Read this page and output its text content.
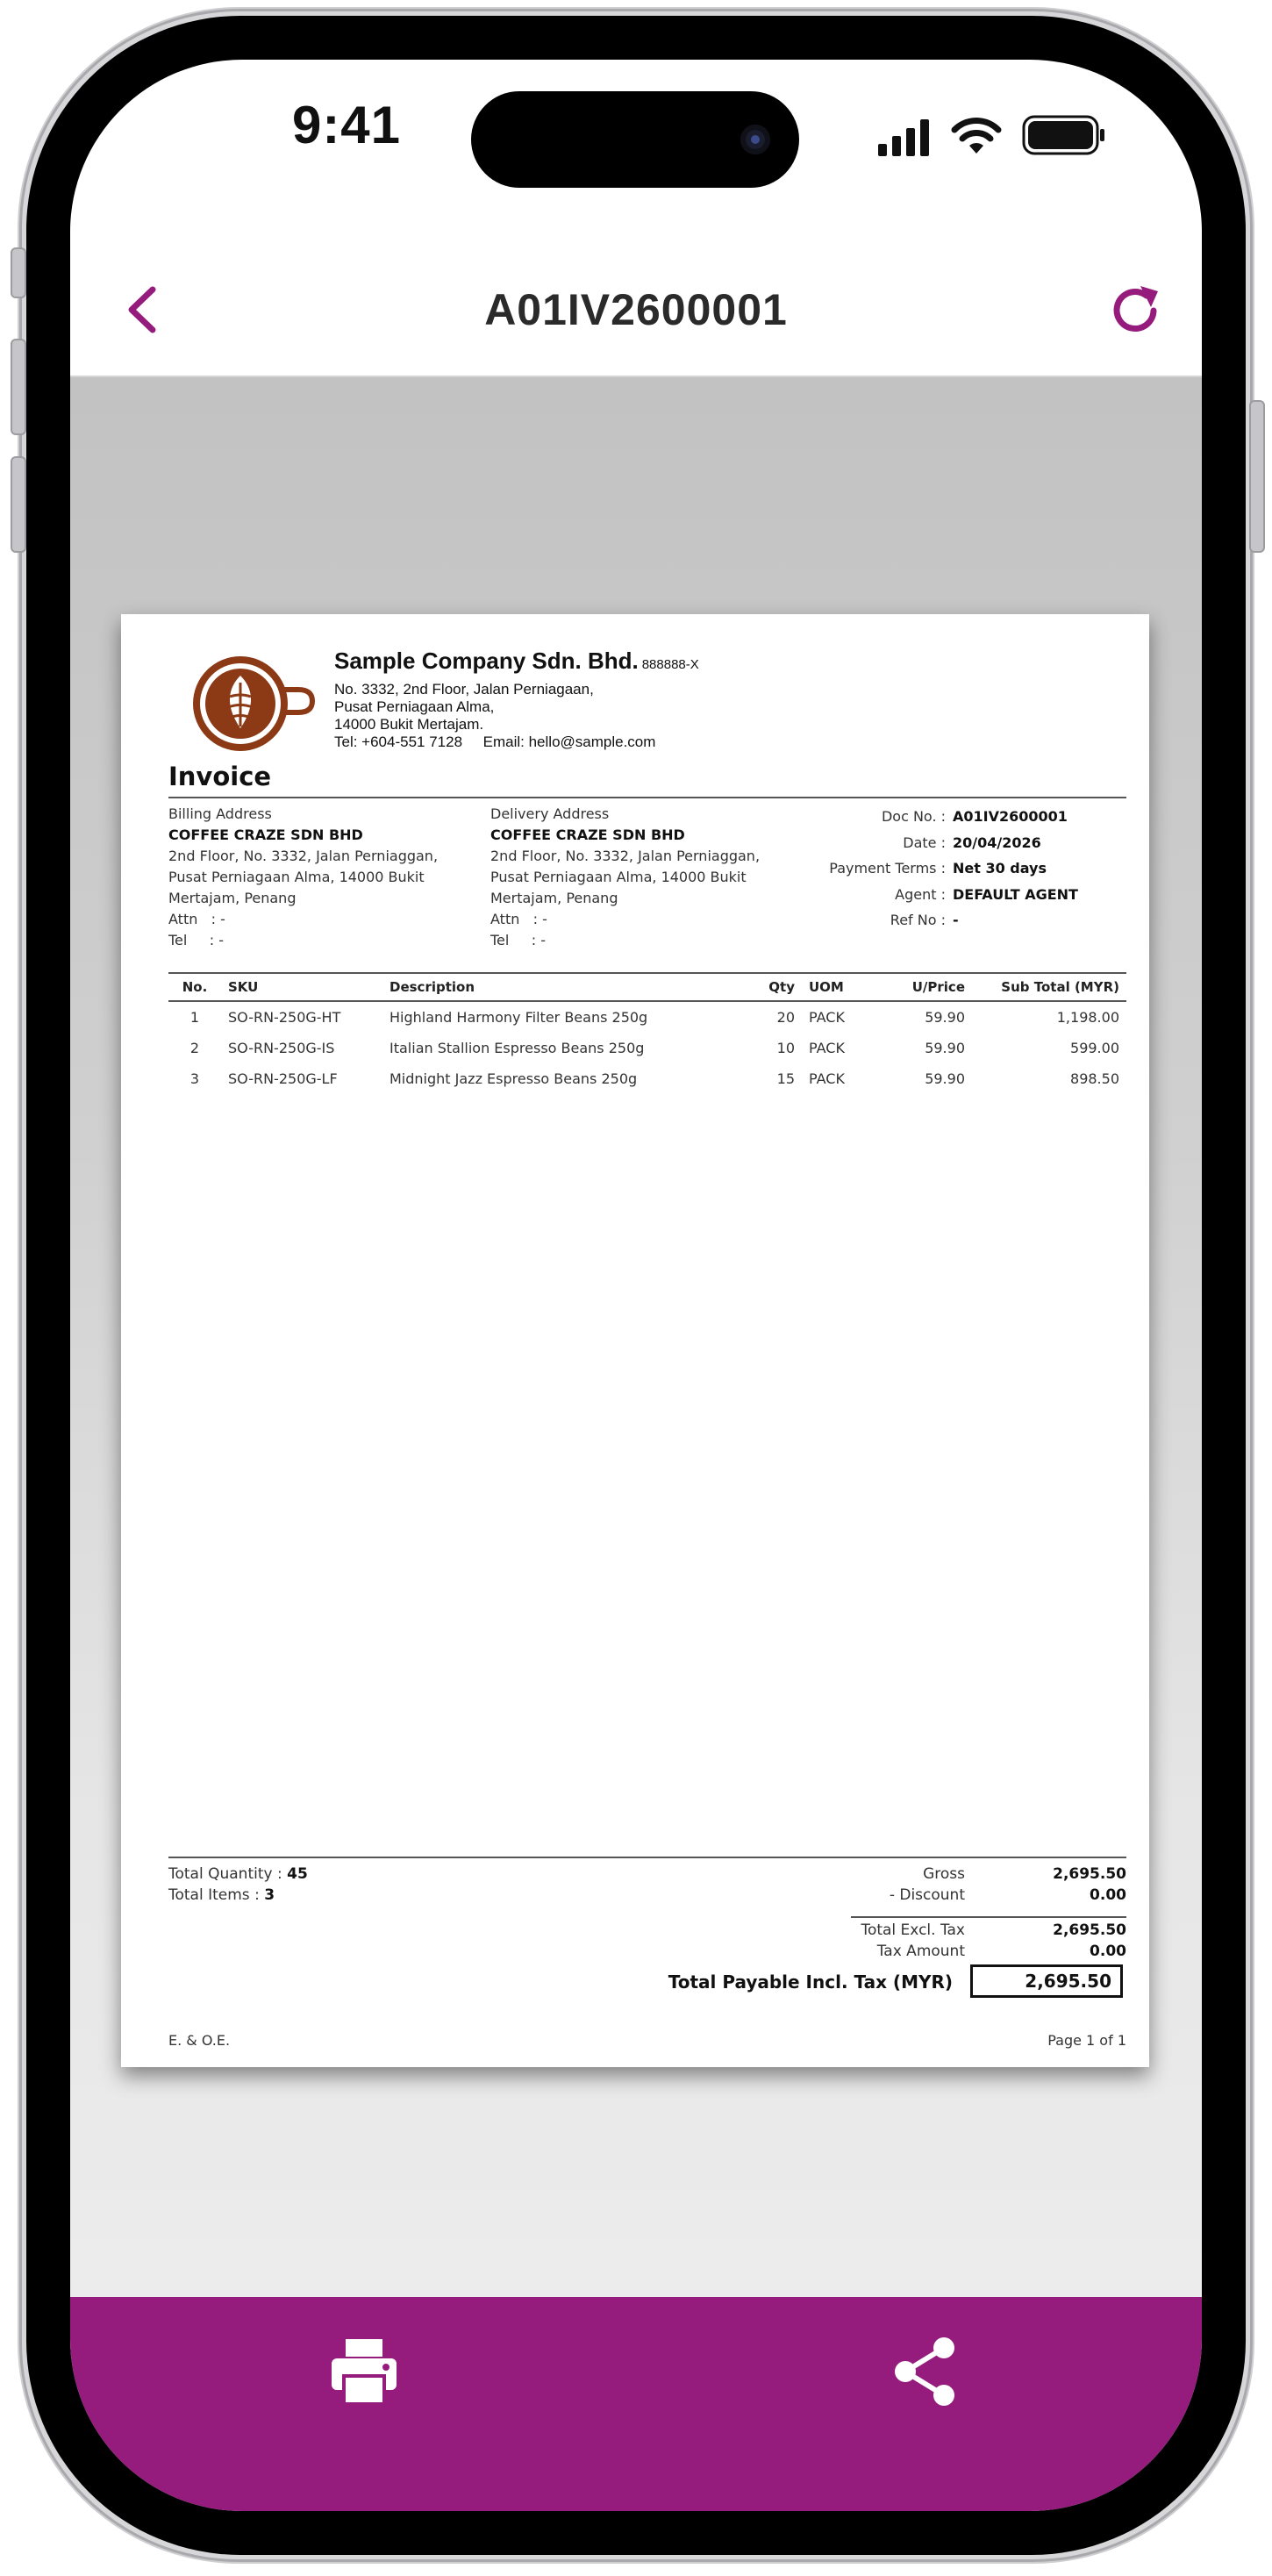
9:41
A01IV2600001
Sample Company Sdn. Bhd. 888888-X
No. 3332, 2nd Floor, Jalan Perniagaan,
Pusat Perniagaan Alma,
14000 Bukit Mertajam.
Tel: +604-551 7128     Email: hello@sample.com
Invoice
Billing Address
COFFEE CRAZE SDN BHD
2nd Floor, No. 3332, Jalan Perniaggan, Pusat Perniagaan Alma, 14000 Bukit Mertajam, Penang
Attn   : -
Tel     : -
Delivery Address
COFFEE CRAZE SDN BHD
2nd Floor, No. 3332, Jalan Perniaggan, Pusat Perniagaan Alma, 14000 Bukit Mertajam, Penang
Attn   : -
Tel     : -
Doc No. : A01IV2600001
Date : 20/04/2026
Payment Terms : Net 30 days
Agent : DEFAULT AGENT
Ref No : -
No.	SKU	Description	Qty	UOM	U/Price	Sub Total (MYR)
1	SO-RN-250G-HT	Highland Harmony Filter Beans 250g	20	PACK	59.90	1,198.00
2	SO-RN-250G-IS	Italian Stallion Espresso Beans 250g	10	PACK	59.90	599.00
3	SO-RN-250G-LF	Midnight Jazz Espresso Beans 250g	15	PACK	59.90	898.50
Total Quantity : 45
Total Items : 3
Gross	2,695.50
- Discount	0.00
Total Excl. Tax	2,695.50
Tax Amount	0.00
Total Payable Incl. Tax (MYR)	2,695.50
E. & O.E.	Page 1 of 1
